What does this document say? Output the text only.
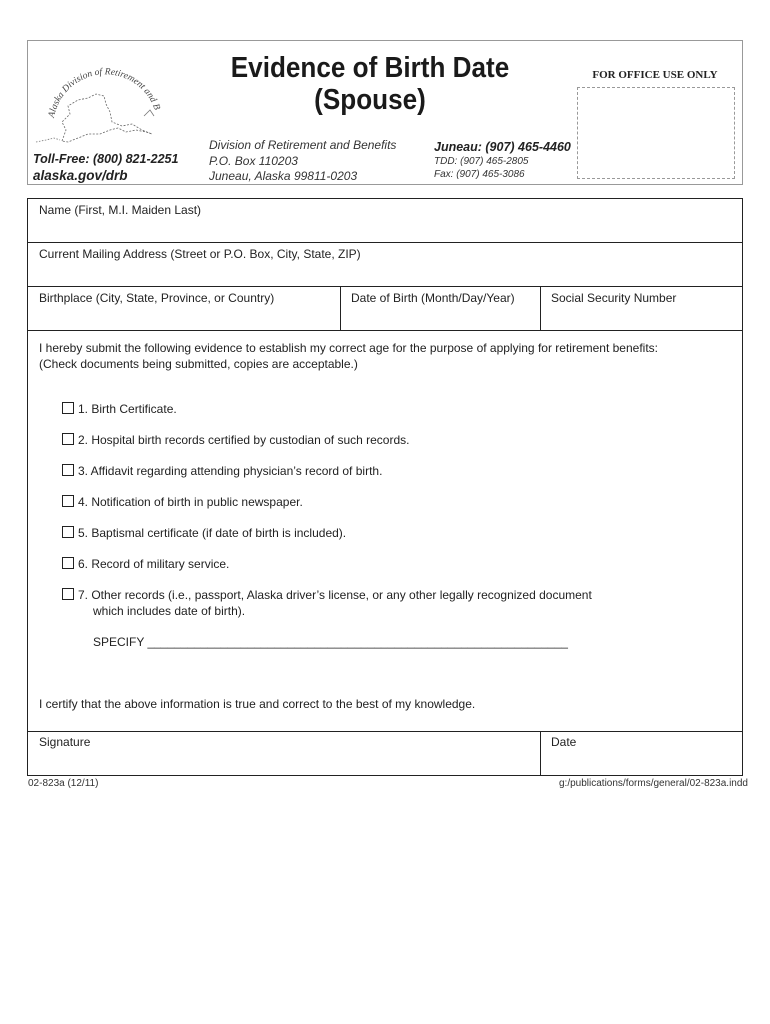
Alaska Division of Retirement and B
Evidence of Birth Date
(Spouse)
FOR OFFICE USE ONLY
Toll-Free: (800) 821-2251
alaska.gov/drb
Division of Retirement and Benefits
P.O. Box 110203
Juneau, Alaska 99811-0203
Juneau: (907) 465-4460
TDD: (907) 465-2805
Fax: (907) 465-3086
Name (First, M.I. Maiden Last)
Current Mailing Address (Street or P.O. Box, City, State, ZIP)
Birthplace (City, State, Province, or Country)	Date of Birth (Month/Day/Year)	Social Security Number
I hereby submit the following evidence to establish my correct age for the purpose of applying for retirement benefits:
(Check documents being submitted, copies are acceptable.)
1. Birth Certificate.
2. Hospital birth records certified by custodian of such records.
3. Affidavit regarding attending physician’s record of birth.
4. Notification of birth in public newspaper.
5. Baptismal certificate (if date of birth is included).
6. Record of military service.
7. Other records (i.e., passport, Alaska driver’s license, or any other legally recognized document
which includes date of birth).
SPECIFY _______________________________________________________________
I certify that the above information is true and correct to the best of my knowledge.
Signature	Date
02-823a (12/11)	g:/publications/forms/general/02-823a.indd
